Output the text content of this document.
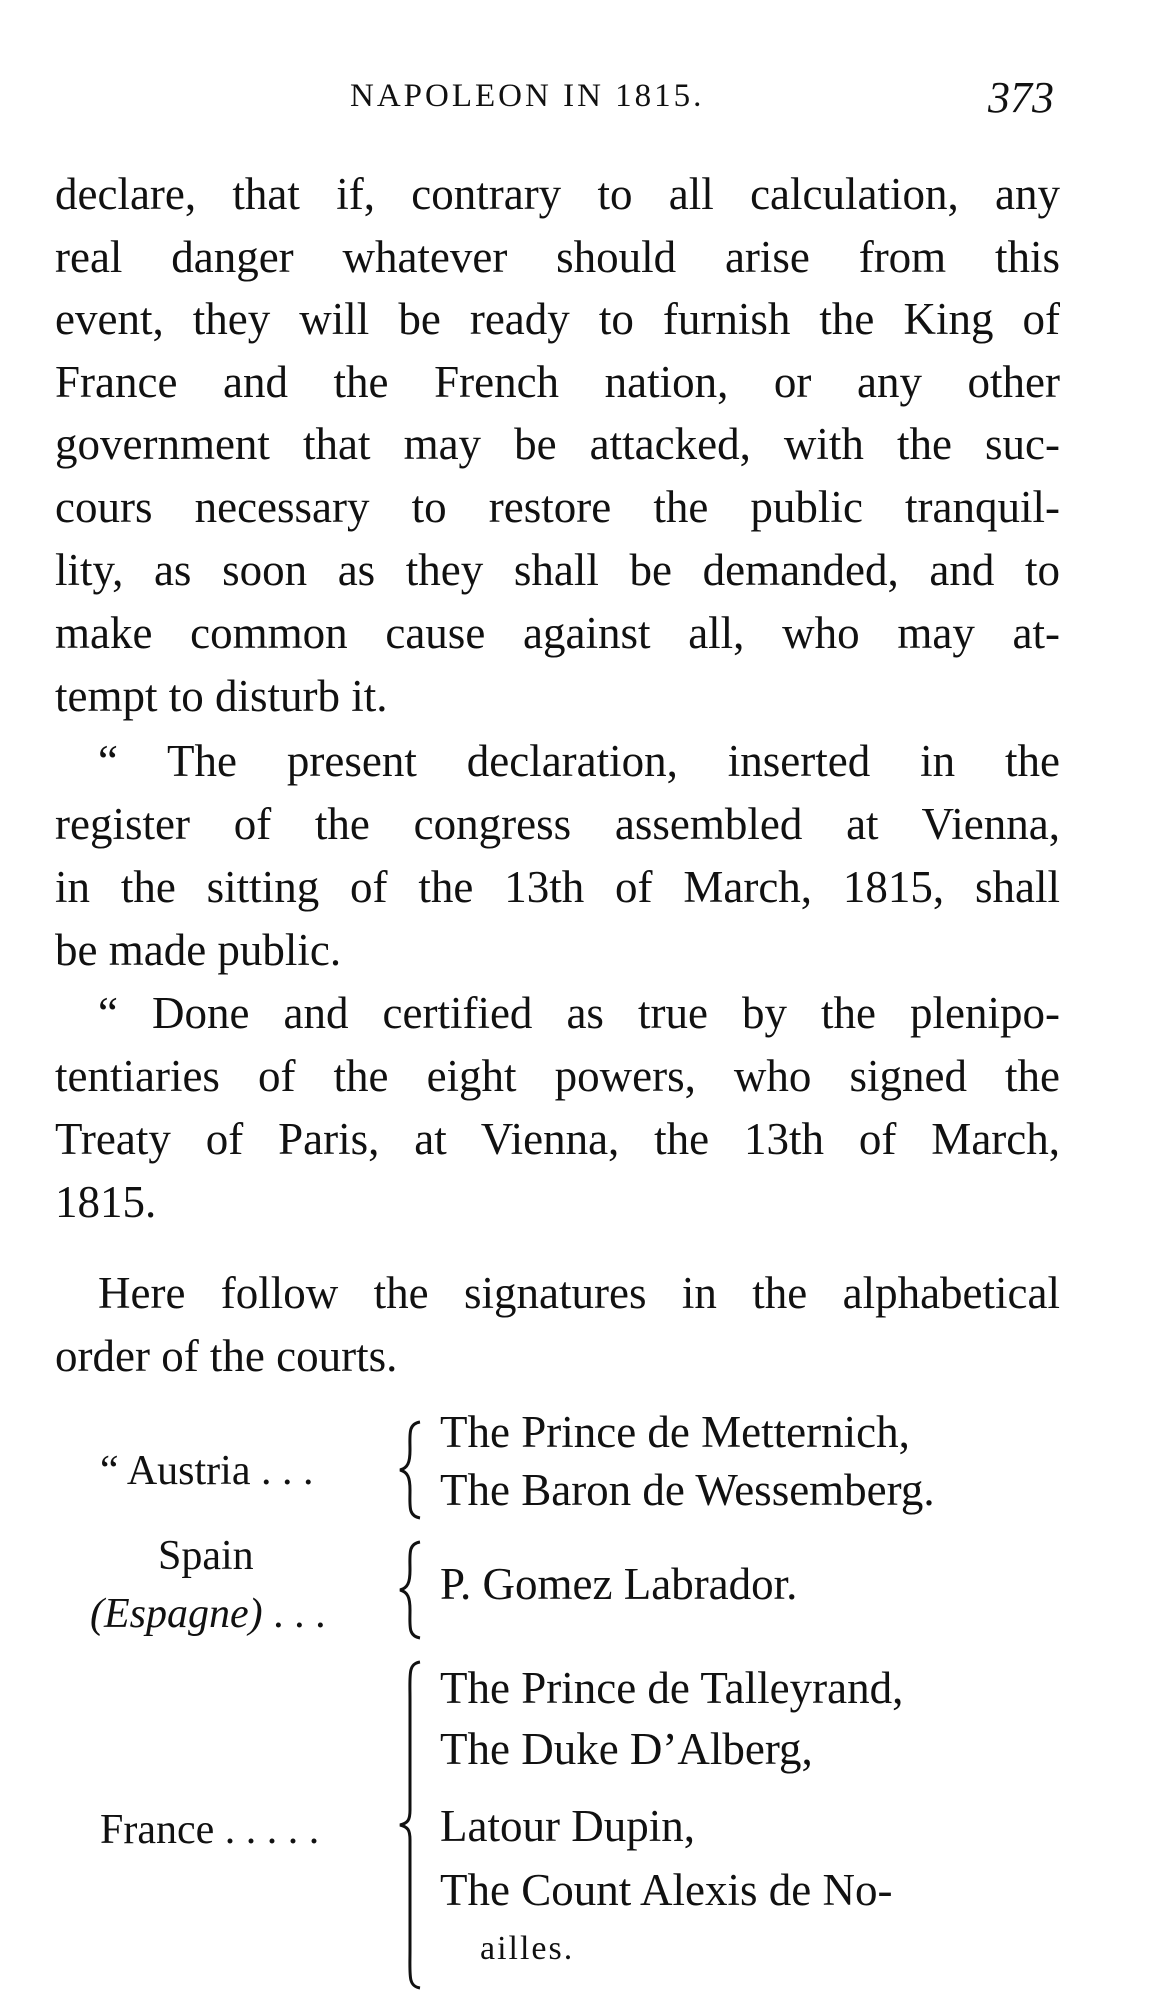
NAPOLEON IN 1815.	373
declare, that if, contrary to all calculation, any
real danger whatever should arise from this
event, they will be ready to furnish the King of
France and the French nation, or any other
government that may be attacked, with the suc-
cours necessary to restore the public tranquil-
lity, as soon as they shall be demanded, and to
make common cause against all, who may at-
tempt to disturb it.
“ The present declaration, inserted in the
register of the congress assembled at Vienna,
in the sitting of the 13th of March, 1815, shall
be made public.
“ Done and certified as true by the plenipo-
tentiaries of the eight powers, who signed the
Treaty of Paris, at Vienna, the 13th of March,
1815.
Here follow the signatures in the alphabetical
order of the courts.
“ Austria . . .
The Prince de Metternich,
The Baron de Wessemberg.
Spain
(Espagne) . . .
P. Gomez Labrador.
France . . . . .
The Prince de Talleyrand,
The Duke D’Alberg,
Latour Dupin,
The Count Alexis de No-
ailles.
